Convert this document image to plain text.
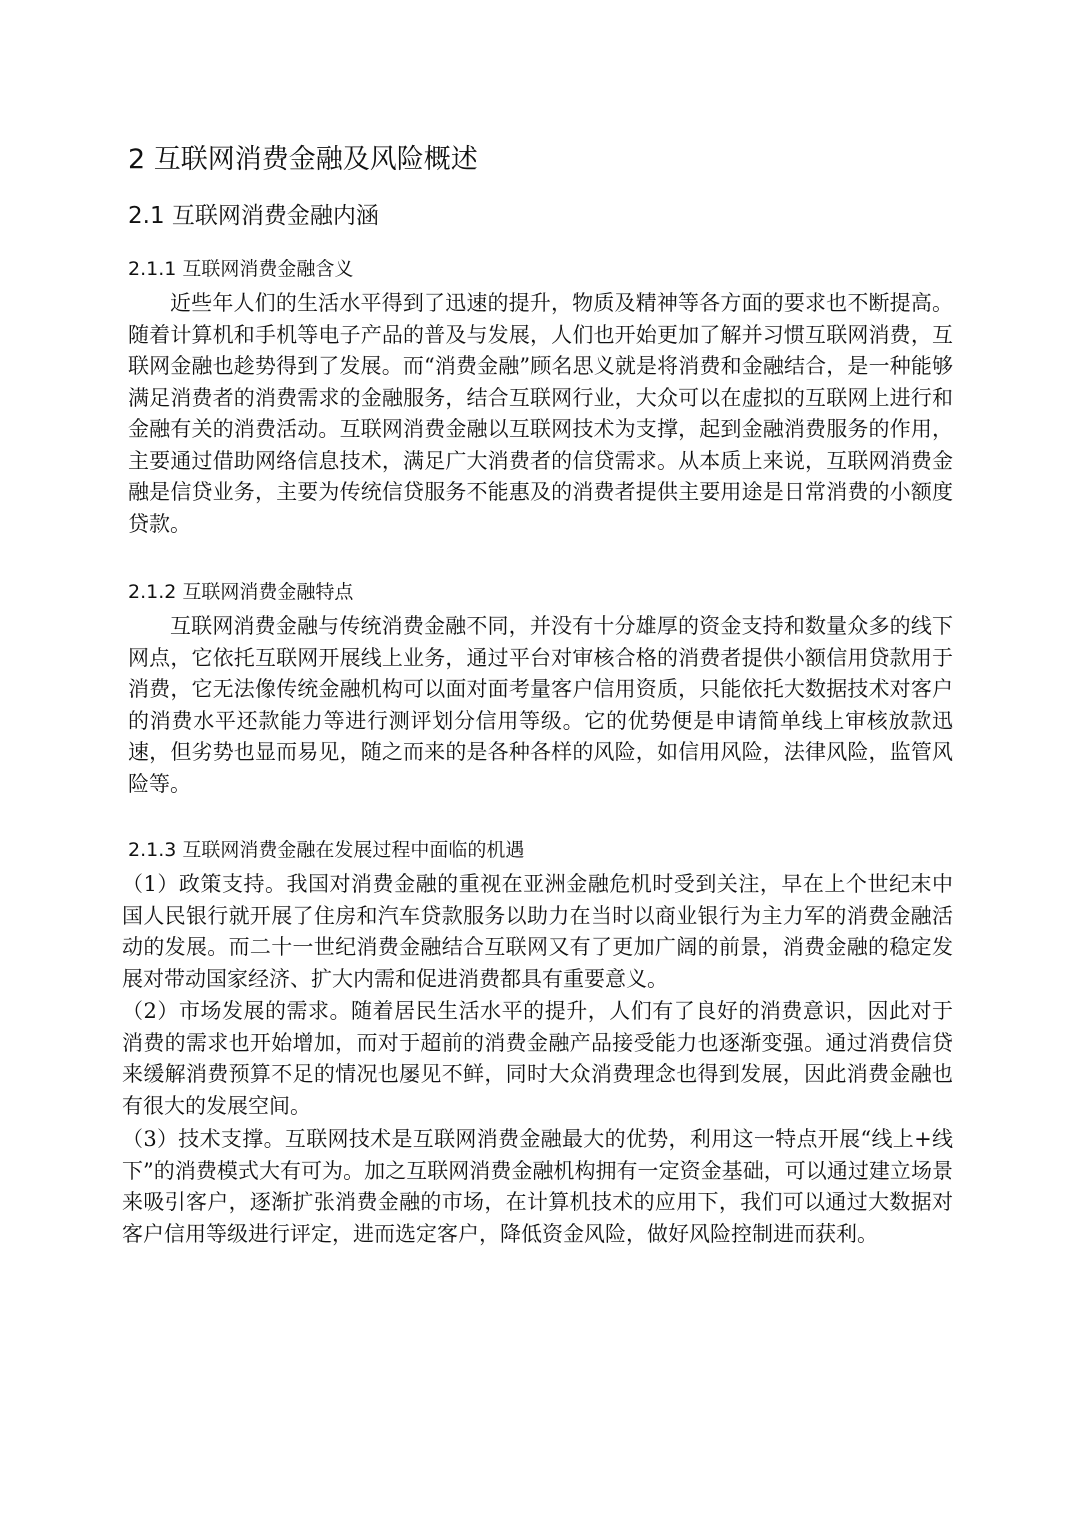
2 互联网消费金融及风险概述
2.1 互联网消费金融内涵
2.1.1 互联网消费金融含义

近些年人们的生活水平得到了迅速的提升，物质及精神等各方面的要求也不断提高。随着计算机和手机等电子产品的普及与发展，人们也开始更加了解并习惯互联网消费，互联网金融也趁势得到了发展。而“消费金融”顾名思义就是将消费和金融结合，是一种能够满足消费者的消费需求的金融服务，结合互联网行业，大众可以在虚拟的互联网上进行和金融有关的消费活动。互联网消费金融以互联网技术为支撑，起到金融消费服务的作用，主要通过借助网络信息技术，满足广大消费者的信贷需求。从本质上来说，互联网消费金融是信贷业务，主要为传统信贷服务不能惠及的消费者提供主要用途是日常消费的小额度贷款。

2.1.2 互联网消费金融特点

互联网消费金融与传统消费金融不同，并没有十分雄厚的资金支持和数量众多的线下网点，它依托互联网开展线上业务，通过平台对审核合格的消费者提供小额信用贷款用于消费，它无法像传统金融机构可以面对面考量客户信用资质，只能依托大数据技术对客户的消费水平还款能力等进行测评划分信用等级。它的优势便是申请简单线上审核放款迅速，但劣势也显而易见，随之而来的是各种各样的风险，如信用风险，法律风险，监管风险等。

2.1.3 互联网消费金融在发展过程中面临的机遇

（1）政策支持。我国对消费金融的重视在亚洲金融危机时受到关注，早在上个世纪末中国人民银行就开展了住房和汽车贷款服务以助力在当时以商业银行为主力军的消费金融活动的发展。而二十一世纪消费金融结合互联网又有了更加广阔的前景，消费金融的稳定发展对带动国家经济、扩大内需和促进消费都具有重要意义。

（2）市场发展的需求。随着居民生活水平的提升，人们有了良好的消费意识，因此对于消费的需求也开始增加，而对于超前的消费金融产品接受能力也逐渐变强。通过消费信贷来缓解消费预算不足的情况也屡见不鲜，同时大众消费理念也得到发展，因此消费金融也有很大的发展空间。

（3）技术支撑。互联网技术是互联网消费金融最大的优势，利用这一特点开展“线上+线下”的消费模式大有可为。加之互联网消费金融机构拥有一定资金基础，可以通过建立场景来吸引客户，逐渐扩张消费金融的市场，在计算机技术的应用下，我们可以通过大数据对客户信用等级进行评定，进而选定客户，降低资金风险，做好风险控制进而获利。
